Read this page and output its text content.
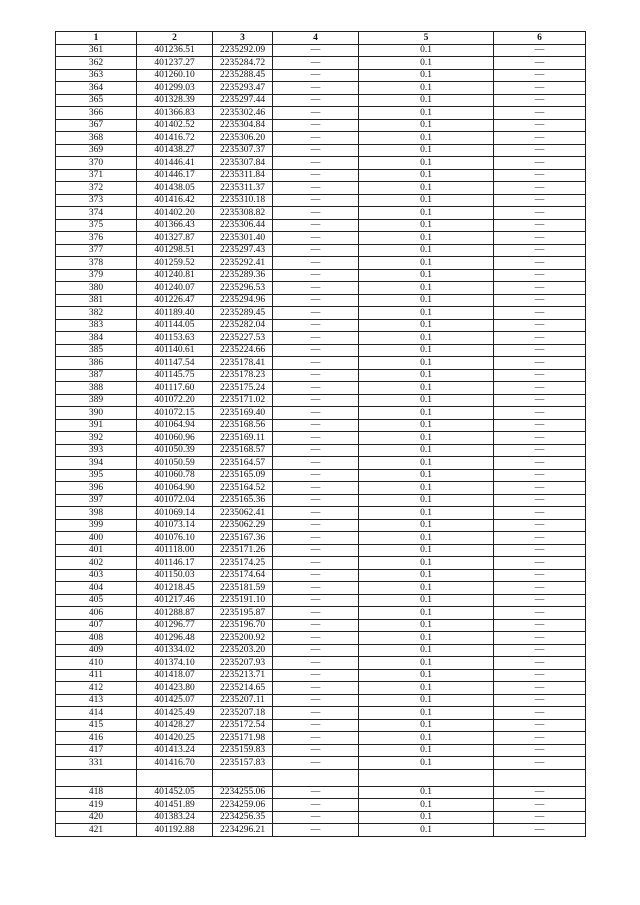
1	2	3	4	5	6
361	401236.51	2235292.09	—	0.1	—
362	401237.27	2235284.72	—	0.1	—
363	401260.10	2235288.45	—	0.1	—
364	401299.03	2235293.47	—	0.1	—
365	401328.39	2235297.44	—	0.1	—
366	401366.83	2235302.46	—	0.1	—
367	401402.52	2235304.84	—	0.1	—
368	401416.72	2235306.20	—	0.1	—
369	401438.27	2235307.37	—	0.1	—
370	401446.41	2235307.84	—	0.1	—
371	401446.17	2235311.84	—	0.1	—
372	401438.05	2235311.37	—	0.1	—
373	401416.42	2235310.18	—	0.1	—
374	401402.20	2235308.82	—	0.1	—
375	401366.43	2235306.44	—	0.1	—
376	401327.87	2235301.40	—	0.1	—
377	401298.51	2235297.43	—	0.1	—
378	401259.52	2235292.41	—	0.1	—
379	401240.81	2235289.36	—	0.1	—
380	401240.07	2235296.53	—	0.1	—
381	401226.47	2235294.96	—	0.1	—
382	401189.40	2235289.45	—	0.1	—
383	401144.05	2235282.04	—	0.1	—
384	401153.63	2235227.53	—	0.1	—
385	401140.61	2235224.66	—	0.1	—
386	401147.54	2235178.41	—	0.1	—
387	401145.75	2235178.23	—	0.1	—
388	401117.60	2235175.24	—	0.1	—
389	401072.20	2235171.02	—	0.1	—
390	401072.15	2235169.40	—	0.1	—
391	401064.94	2235168.56	—	0.1	—
392	401060.96	2235169.11	—	0.1	—
393	401050.39	2235168.57	—	0.1	—
394	401050.59	2235164.57	—	0.1	—
395	401060.78	2235165.09	—	0.1	—
396	401064.90	2235164.52	—	0.1	—
397	401072.04	2235165.36	—	0.1	—
398	401069.14	2235062.41	—	0.1	—
399	401073.14	2235062.29	—	0.1	—
400	401076.10	2235167.36	—	0.1	—
401	401118.00	2235171.26	—	0.1	—
402	401146.17	2235174.25	—	0.1	—
403	401150.03	2235174.64	—	0.1	—
404	401218.45	2235181.59	—	0.1	—
405	401217.46	2235191.10	—	0.1	—
406	401288.87	2235195.87	—	0.1	—
407	401296.77	2235196.70	—	0.1	—
408	401296.48	2235200.92	—	0.1	—
409	401334.02	2235203.20	—	0.1	—
410	401374.10	2235207.93	—	0.1	—
411	401418.07	2235213.71	—	0.1	—
412	401423.80	2235214.65	—	0.1	—
413	401425.07	2235207.11	—	0.1	—
414	401425.49	2235207.18	—	0.1	—
415	401428.27	2235172.54	—	0.1	—
416	401420.25	2235171.98	—	0.1	—
417	401413.24	2235159.83	—	0.1	—
331	401416.70	2235157.83	—	0.1	—

418	401452.05	2234255.06	—	0.1	—
419	401451.89	2234259.06	—	0.1	—
420	401383.24	2234256.35	—	0.1	—
421	401192.88	2234296.21	—	0.1	—
